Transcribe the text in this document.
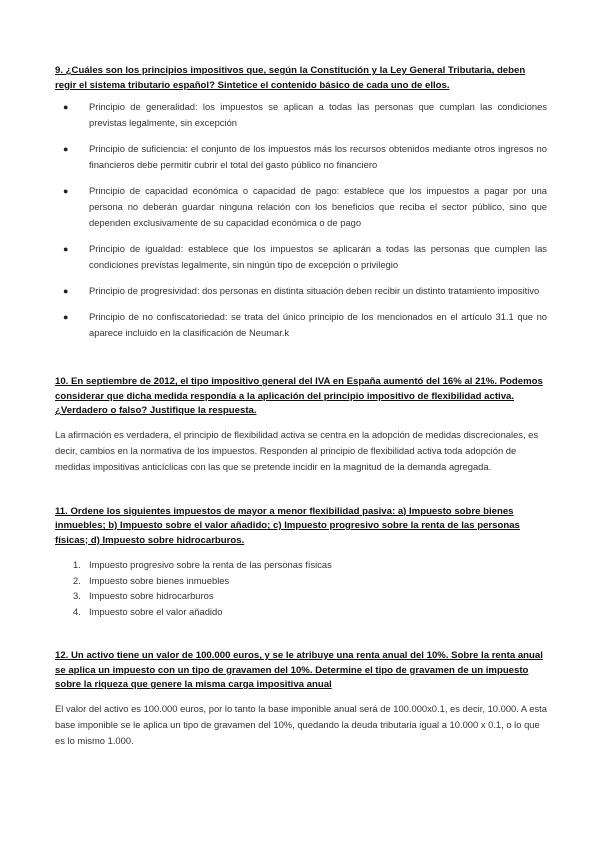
9. ¿Cuáles son los principios impositivos que, según la Constitución y la Ley General Tributaria, deben regir el sistema tributario español? Sintetice el contenido básico de cada uno de ellos.

● Principio de generalidad: los impuestos se aplican a todas las personas que cumplan las condiciones previstas legalmente, sin excepción
● Principio de suficiencia: el conjunto de los impuestos más los recursos obtenidos mediante otros ingresos no financieros debe permitir cubrir el total del gasto público no financiero
● Principio de capacidad económica o capacidad de pago: establece que los impuestos a pagar por una persona no deberán guardar ninguna relación con los beneficios que reciba el sector público, sino que dependen exclusivamente de su capacidad económica o de pago
● Principio de igualdad: establece que los impuestos se aplicarán a todas las personas que cumplen las condiciones previstas legalmente, sin ningún tipo de excepción o privilegio
● Principio de progresividad: dos personas en distinta situación deben recibir un distinto tratamiento impositivo
● Principio de no confiscatoriedad: se trata del único principio de los mencionados en el artículo 31.1 que no aparece incluido en la clasificación de Neumar.k

10. En septiembre de 2012, el tipo impositivo general del IVA en España aumentó del 16% al 21%. Podemos considerar que dicha medida respondía a la aplicación del principio impositivo de flexibilidad activa. ¿Verdadero o falso? Justifique la respuesta.

La afirmación es verdadera, el principio de flexibilidad activa se centra en la adopción de medidas discrecionales, es decir, cambios en la normativa de los impuestos. Responden al principio de flexibilidad activa toda adopción de medidas impositivas anticíclicas con las que se pretende incidir en la magnitud de la demanda agregada.

11. Ordene los siguientes impuestos de mayor a menor flexibilidad pasiva: a) Impuesto sobre bienes inmuebles; b) Impuesto sobre el valor añadido; c) Impuesto progresivo sobre la renta de las personas físicas; d) Impuesto sobre hidrocarburos.

1. Impuesto progresivo sobre la renta de las personas físicas
2. Impuesto sobre bienes inmuebles
3. Impuesto sobre hidrocarburos
4. Impuesto sobre el valor añadido

12. Un activo tiene un valor de 100.000 euros, y se le atribuye una renta anual del 10%. Sobre la renta anual se aplica un impuesto con un tipo de gravamen del 10%. Determine el tipo de gravamen de un impuesto sobre la riqueza que genere la misma carga impositiva anual

El valor del activo es 100.000 euros, por lo tanto la base imponible anual será de 100.000x0.1, es decir, 10.000. A esta base imponible se le aplica un tipo de gravamen del 10%, quedando la deuda tributaria igual a 10.000 x 0.1, o lo que es lo mismo 1.000.
